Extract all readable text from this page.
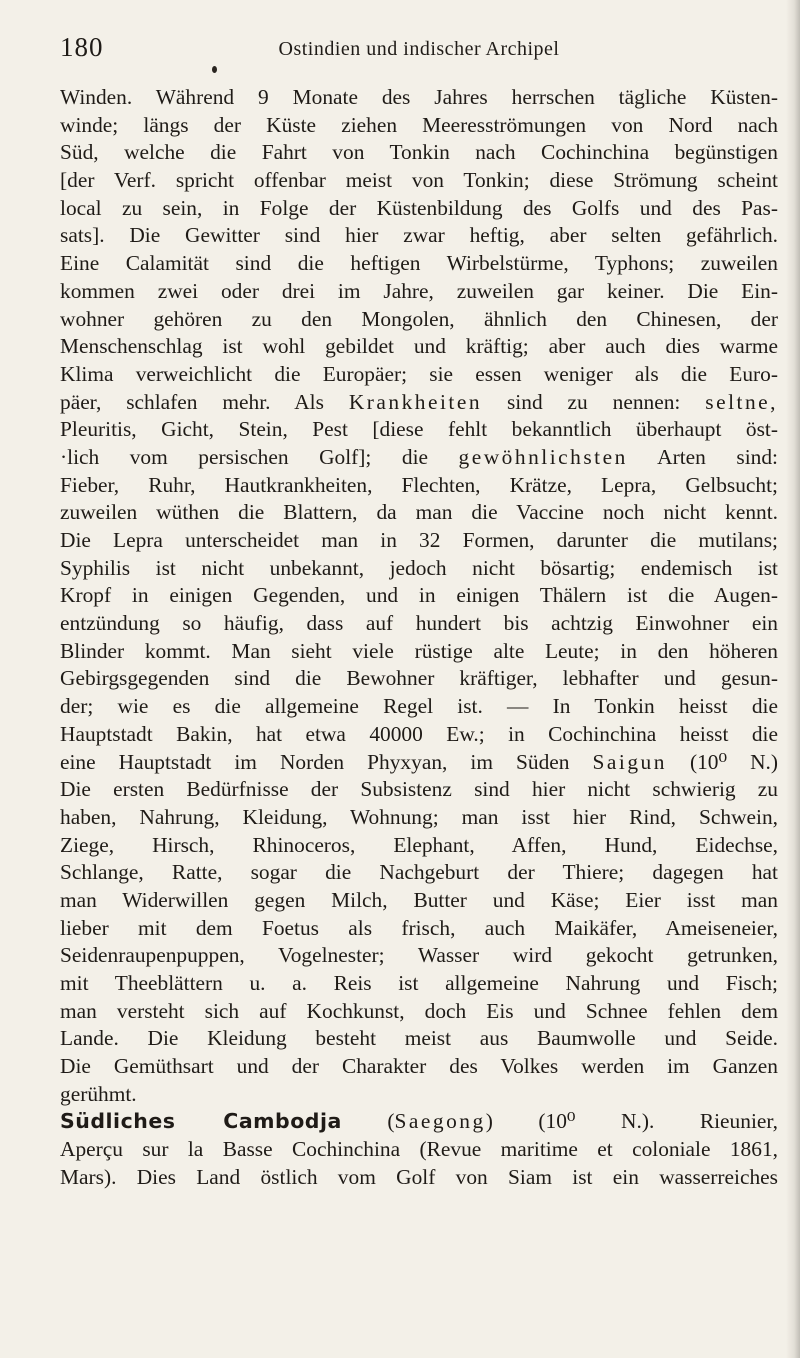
180	Ostindien und indischer Archipel
Winden. Während 9 Monate des Jahres herrschen tägliche Küsten-
winde; längs der Küste ziehen Meeresströmungen von Nord nach
Süd, welche die Fahrt von Tonkin nach Cochinchina begünstigen
[der Verf. spricht offenbar meist von Tonkin; diese Strömung scheint
local zu sein, in Folge der Küstenbildung des Golfs und des Pas-
sats]. Die Gewitter sind hier zwar heftig, aber selten gefährlich.
Eine Calamität sind die heftigen Wirbelstürme, Typhons; zuweilen
kommen zwei oder drei im Jahre, zuweilen gar keiner. Die Ein-
wohner gehören zu den Mongolen, ähnlich den Chinesen, der
Menschenschlag ist wohl gebildet und kräftig; aber auch dies warme
Klima verweichlicht die Europäer; sie essen weniger als die Euro-
päer, schlafen mehr. Als Krankheiten sind zu nennen: seltne,
Pleuritis, Gicht, Stein, Pest [diese fehlt bekanntlich überhaupt öst-
·lich vom persischen Golf]; die gewöhnlichsten Arten sind:
Fieber, Ruhr, Hautkrankheiten, Flechten, Krätze, Lepra, Gelbsucht;
zuweilen wüthen die Blattern, da man die Vaccine noch nicht kennt.
Die Lepra unterscheidet man in 32 Formen, darunter die mutilans;
Syphilis ist nicht unbekannt, jedoch nicht bösartig; endemisch ist
Kropf in einigen Gegenden, und in einigen Thälern ist die Augen-
entzündung so häufig, dass auf hundert bis achtzig Einwohner ein
Blinder kommt. Man sieht viele rüstige alte Leute; in den höheren
Gebirgsgegenden sind die Bewohner kräftiger, lebhafter und gesun-
der; wie es die allgemeine Regel ist. — In Tonkin heisst die
Hauptstadt Bakin, hat etwa 40000 Ew.; in Cochinchina heisst die
eine Hauptstadt im Norden Phyxyan, im Süden Saigun (10⁰ N.)
Die ersten Bedürfnisse der Subsistenz sind hier nicht schwierig zu
haben, Nahrung, Kleidung, Wohnung; man isst hier Rind, Schwein,
Ziege, Hirsch, Rhinoceros, Elephant, Affen, Hund, Eidechse,
Schlange, Ratte, sogar die Nachgeburt der Thiere; dagegen hat
man Widerwillen gegen Milch, Butter und Käse; Eier isst man
lieber mit dem Foetus als frisch, auch Maikäfer, Ameiseneier,
Seidenraupenpuppen, Vogelnester; Wasser wird gekocht getrunken,
mit Theeblättern u. a. Reis ist allgemeine Nahrung und Fisch;
man versteht sich auf Kochkunst, doch Eis und Schnee fehlen dem
Lande. Die Kleidung besteht meist aus Baumwolle und Seide.
Die Gemüthsart und der Charakter des Volkes werden im Ganzen
gerühmt.
Südliches Cambodja (Saegong) (10⁰ N.). Rieunier,
Aperçu sur la Basse Cochinchina (Revue maritime et coloniale 1861,
Mars). Dies Land östlich vom Golf von Siam ist ein wasserreiches
